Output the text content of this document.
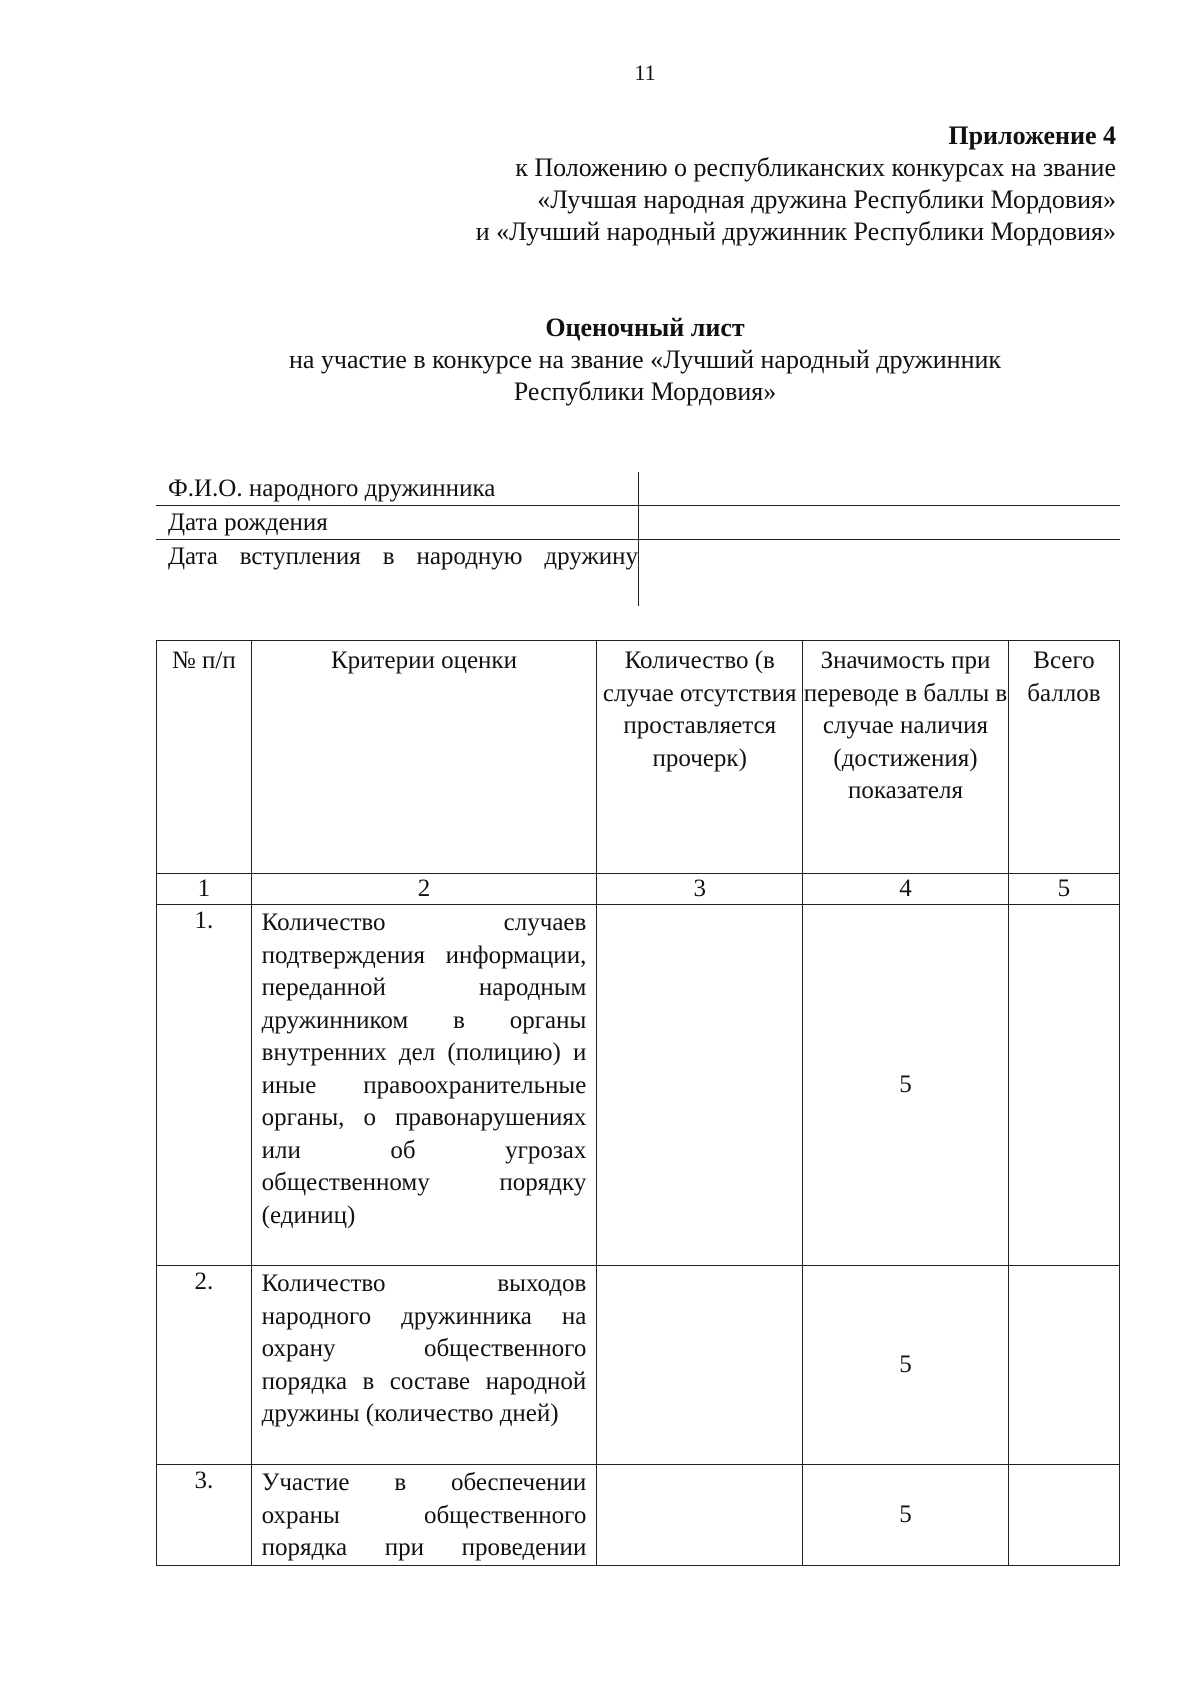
11
Приложение 4
к Положению о республиканских конкурсах на звание
«Лучшая народная дружина Республики Мордовия»
и «Лучший народный дружинник Республики Мордовия»
Оценочный лист
на участие в конкурсе на звание «Лучший народный дружинник Республики Мордовия»
Ф.И.О. народного дружинника	
Дата рождения	
Дата вступления в народную дружину	
№ п/п	Критерии оценки	Количество (в случае отсутствия проставляется прочерк)	Значимость при переводе в баллы в случае наличия (достижения) показателя	Всего баллов
1	2	3	4	5
1.	Количество случаев подтверждения информации, переданной народным дружинником в органы внутренних дел (полицию) и иные правоохранительные органы, о правонарушениях или об угрозах общественному порядку (единиц)		5	
2.	Количество выходов народного дружинника на охрану общественного порядка в составе народной дружины (количество дней)		5	
3.	Участие в обеспечении охраны общественного порядка при проведении		5	
